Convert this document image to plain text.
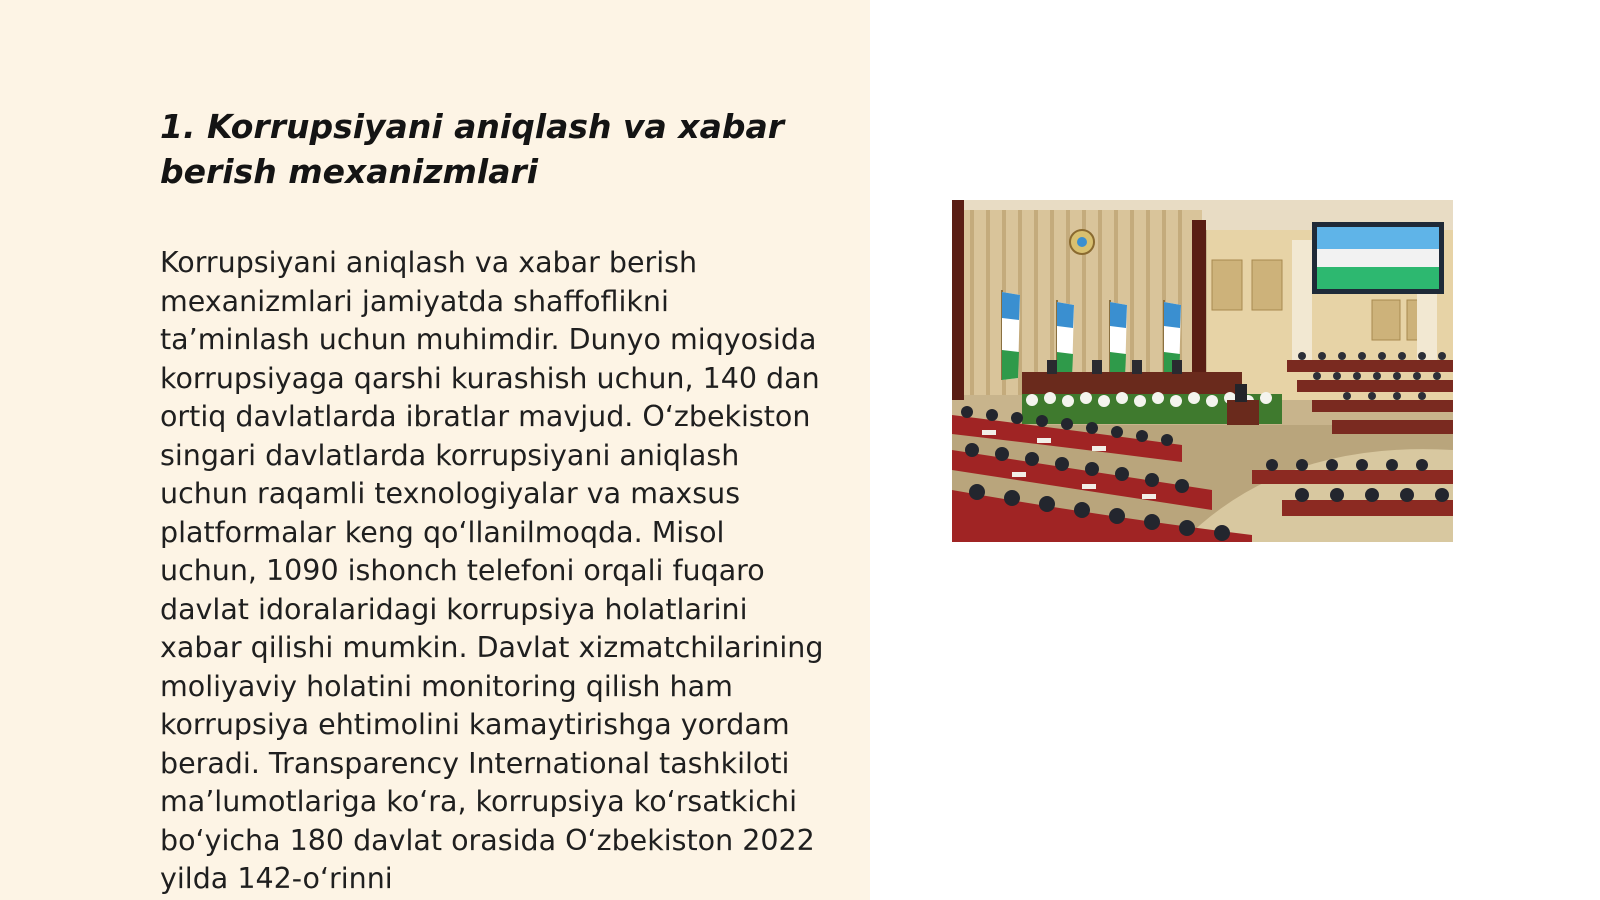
1. Korrupsiyani aniqlash va xabar berish mexanizmlari

Korrupsiyani aniqlash va xabar berish mexanizmlari jamiyatda shaffoflikni ta’minlash uchun muhimdir. Dunyo miqyosida korrupsiyaga qarshi kurashish uchun, 140 dan ortiq davlatlarda ibratlar mavjud. O‘zbekiston singari davlatlarda korrupsiyani aniqlash uchun raqamli texnologiyalar va maxsus platformalar keng qo‘llanilmoqda. Misol uchun, 1090 ishonch telefoni orqali fuqaro davlat idoralaridagi korrupsiya holatlarini xabar qilishi mumkin. Davlat xizmatchilarining moliyaviy holatini monitoring qilish ham korrupsiya ehtimolini kamaytirishga yordam beradi. Transparency International tashkiloti ma’lumotlariga ko‘ra, korrupsiya ko‘rsatkichi bo‘yicha 180 davlat orasida O‘zbekiston 2022 yilda 142-o‘rinni
